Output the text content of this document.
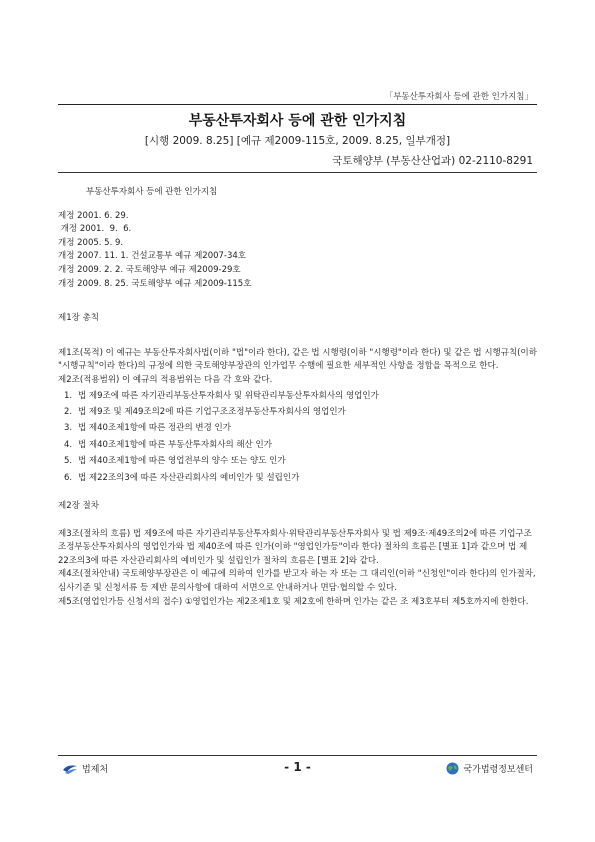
「부동산투자회사 등에 관한 인가지침」
부동산투자회사 등에 관한 인가지침
[시행 2009. 8.25] [예규 제2009-115호, 2009. 8.25, 일부개정]
국토해양부 (부동산산업과) 02-2110-8291

부동산투자회사 등에 관한 인가지침

제정 2001. 6. 29.

개정 2001.  9.  6.

개정 2005. 5. 9.

개정 2007. 11. 1. 건설교통부 예규 제2007-34호

개정 2009. 2. 2. 국토해양부 예규 제2009-29호

개정 2009. 8. 25. 국토해양부 예규 제2009-115호

제1장 총칙

제1조(목적) 이 예규는 부동산투자회사법(이하 "법"이라 한다), 같은 법 시행령(이하 "시행령"이라 한다) 및 같은 법 시행규칙(이하 "시행규칙"이라 한다)의 규정에 의한 국토해양부장관의 인가업무 수행에 필요한 세부적인 사항을 정함을 목적으로 한다.

제2조(적용범위) 이 예규의 적용범위는 다음 각 호와 같다.

1. 법 제9조에 따른 자기관리부동산투자회사 및 위탁관리부동산투자회사의 영업인가

2. 법 제9조 및 제49조의2에 따른 기업구조조정부동산투자회사의 영업인가

3. 법 제40조제1항에 따른 정관의 변경 인가

4. 법 제40조제1항에 따른 부동산투자회사의 해산 인가

5. 법 제40조제1항에 따른 영업전부의 양수 또는 양도 인가

6. 법 제22조의3에 따른 자산관리회사의 예비인가 및 설립인가

제2장 절차

제3조(절차의 흐름) 법 제9조에 따른 자기관리부동산투자회사·위탁관리부동산투자회사 및 법 제9조·제49조의2에 따른 기업구조조정부동산투자회사의 영업인가와 법 제40조에 따른 인가(이하 "영업인가등"이라 한다) 절차의 흐름은 [별표 1]과 같으며 법 제22조의3에 따른 자산관리회사의 예비인가 및 설립인가 절차의 흐름은 [별표 2]와 같다.

제4조(절차안내) 국토해양부장관은 이 예규에 의하여 인가를 받고자 하는 자 또는 그 대리인(이하 "신청인"이라 한다)의 인가절차, 심사기준 및 신청서류 등 제반 문의사항에 대하여 서면으로 안내하거나 면담·협의할 수 있다.

제5조(영업인가등 신청서의 접수) ①영업인가는 제2조제1호 및 제2호에 한하며 인가는 같은 조 제3호부터 제5호까지에 한한다.

법제처	- 1 -	국가법령정보센터
